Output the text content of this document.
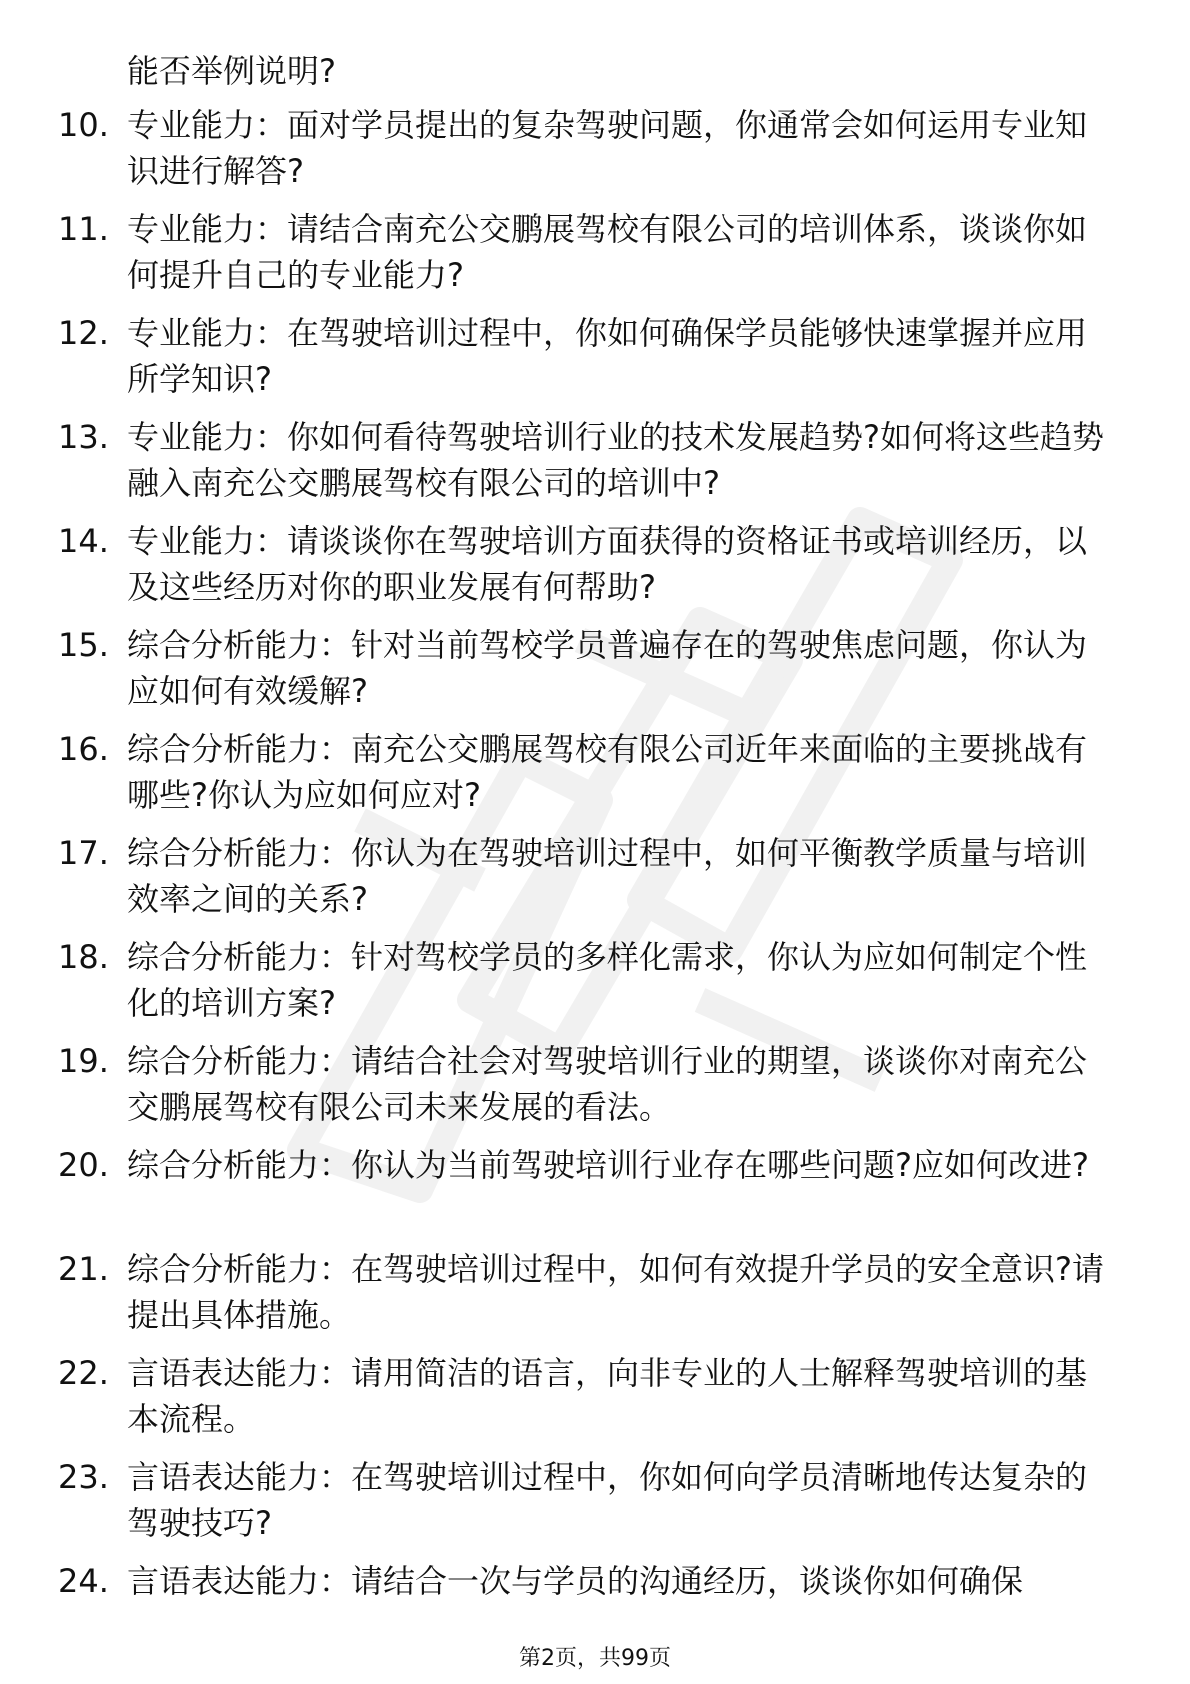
能否举例说明?

10. 专业能力：面对学员提出的复杂驾驶问题，你通常会如何运用专业知识进行解答?
11. 专业能力：请结合南充公交鹏展驾校有限公司的培训体系，谈谈你如何提升自己的专业能力?
12. 专业能力：在驾驶培训过程中，你如何确保学员能够快速掌握并应用所学知识?
13. 专业能力：你如何看待驾驶培训行业的技术发展趋势?如何将这些趋势融入南充公交鹏展驾校有限公司的培训中?
14. 专业能力：请谈谈你在驾驶培训方面获得的资格证书或培训经历，以及这些经历对你的职业发展有何帮助?
15. 综合分析能力：针对当前驾校学员普遍存在的驾驶焦虑问题，你认为应如何有效缓解?
16. 综合分析能力：南充公交鹏展驾校有限公司近年来面临的主要挑战有哪些?你认为应如何应对?
17. 综合分析能力：你认为在驾驶培训过程中，如何平衡教学质量与培训效率之间的关系?
18. 综合分析能力：针对驾校学员的多样化需求，你认为应如何制定个性化的培训方案?
19. 综合分析能力：请结合社会对驾驶培训行业的期望，谈谈你对南充公交鹏展驾校有限公司未来发展的看法。
20. 综合分析能力：你认为当前驾驶培训行业存在哪些问题?应如何改进?
21. 综合分析能力：在驾驶培训过程中，如何有效提升学员的安全意识?请提出具体措施。
22. 言语表达能力：请用简洁的语言，向非专业的人士解释驾驶培训的基本流程。
23. 言语表达能力：在驾驶培训过程中，你如何向学员清晰地传达复杂的驾驶技巧?
24. 言语表达能力：请结合一次与学员的沟通经历，谈谈你如何确保
第2页，共99页
